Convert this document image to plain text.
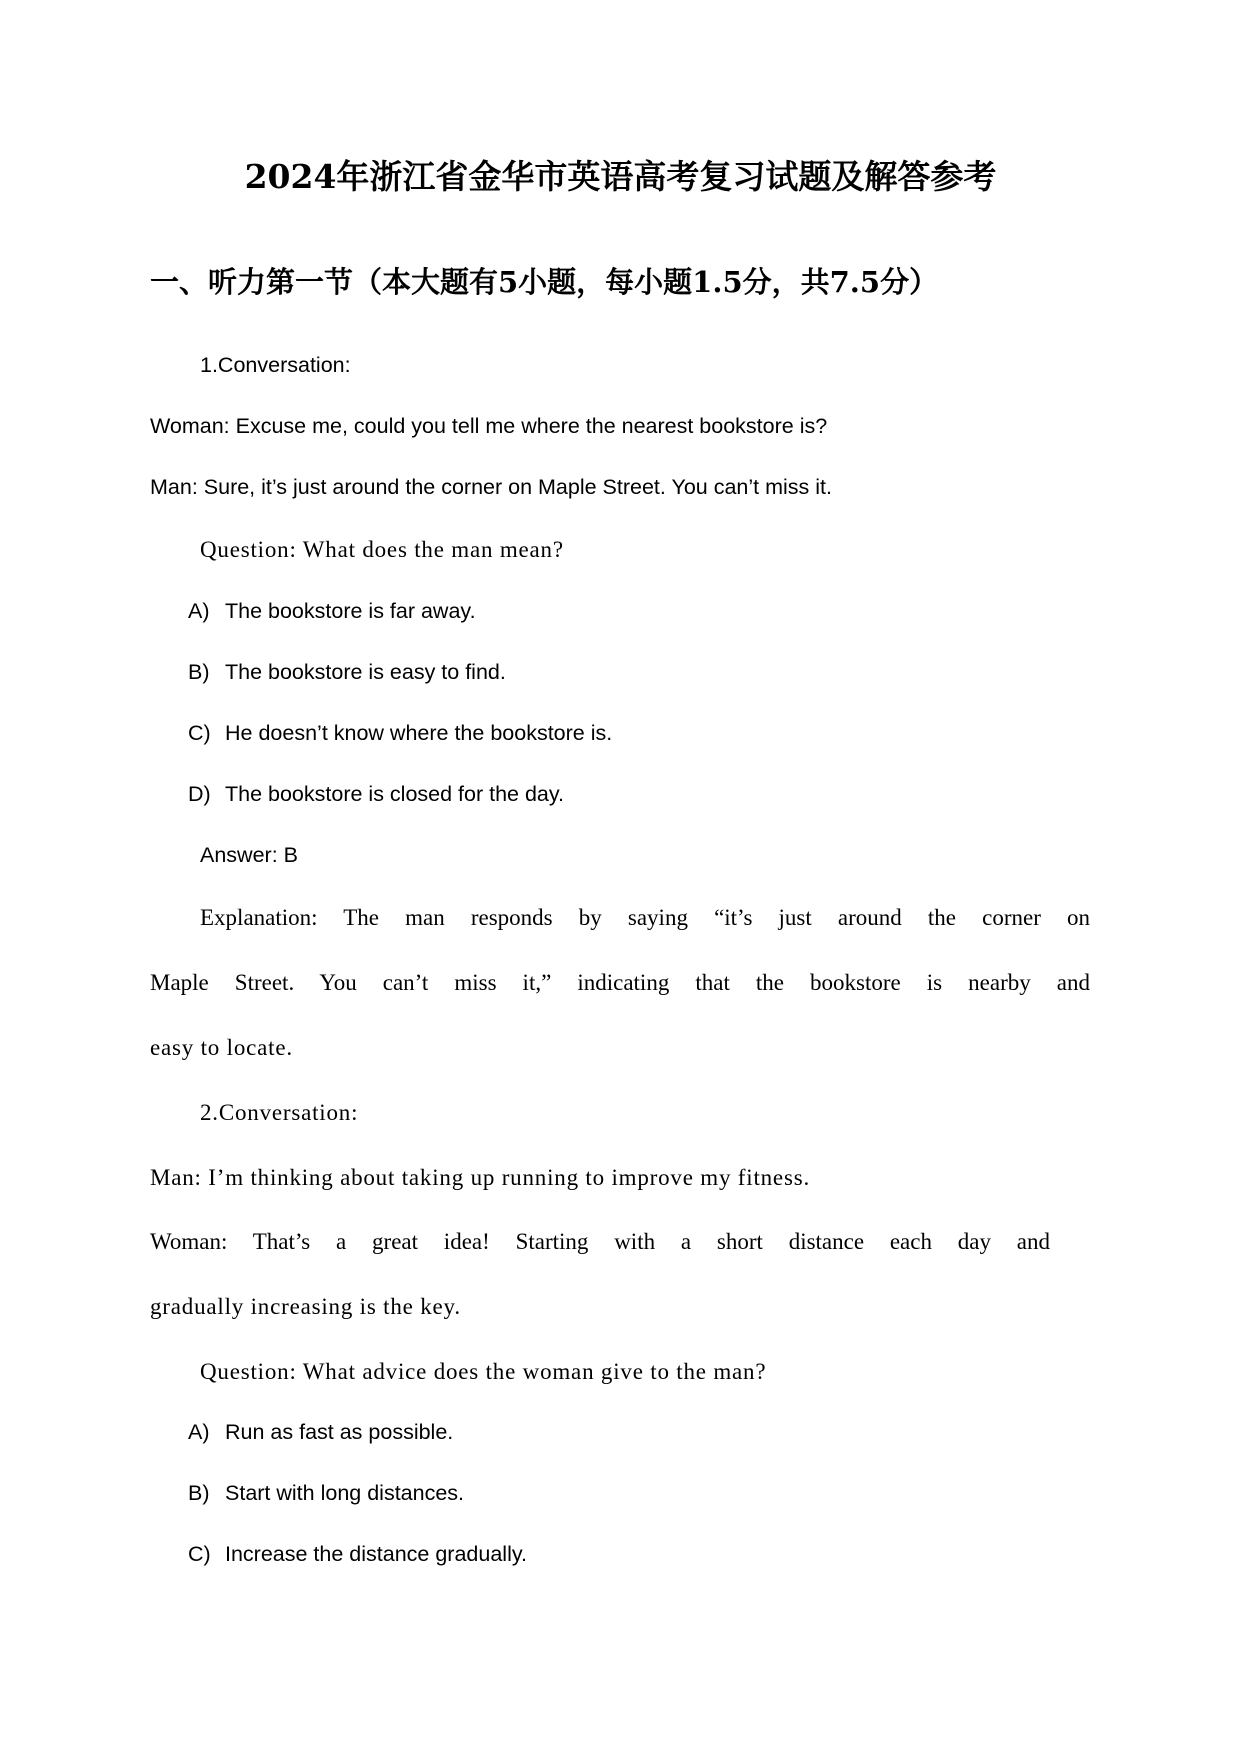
2024年浙江省金华市英语高考复习试题及解答参考
一、听力第一节（本大题有5小题，每小题1.5分，共7.5分）
1.Conversation:
Woman: Excuse me, could you tell me where the nearest bookstore is?
Man: Sure, it’s just around the corner on Maple Street. You can’t miss it.
Question: What does the man mean?
A) The bookstore is far away.
B) The bookstore is easy to find.
C) He doesn’t know where the bookstore is.
D) The bookstore is closed for the day.
Answer: B
Explanation: The man responds by saying “it’s just around the corner on
Maple Street. You can’t miss it,” indicating that the bookstore is nearby and
easy to locate.
2.Conversation:
Man: I’m thinking about taking up running to improve my fitness.
Woman: That’s a great idea! Starting with a short distance each day and
gradually increasing is the key.
Question: What advice does the woman give to the man?
A) Run as fast as possible.
B) Start with long distances.
C) Increase the distance gradually.
